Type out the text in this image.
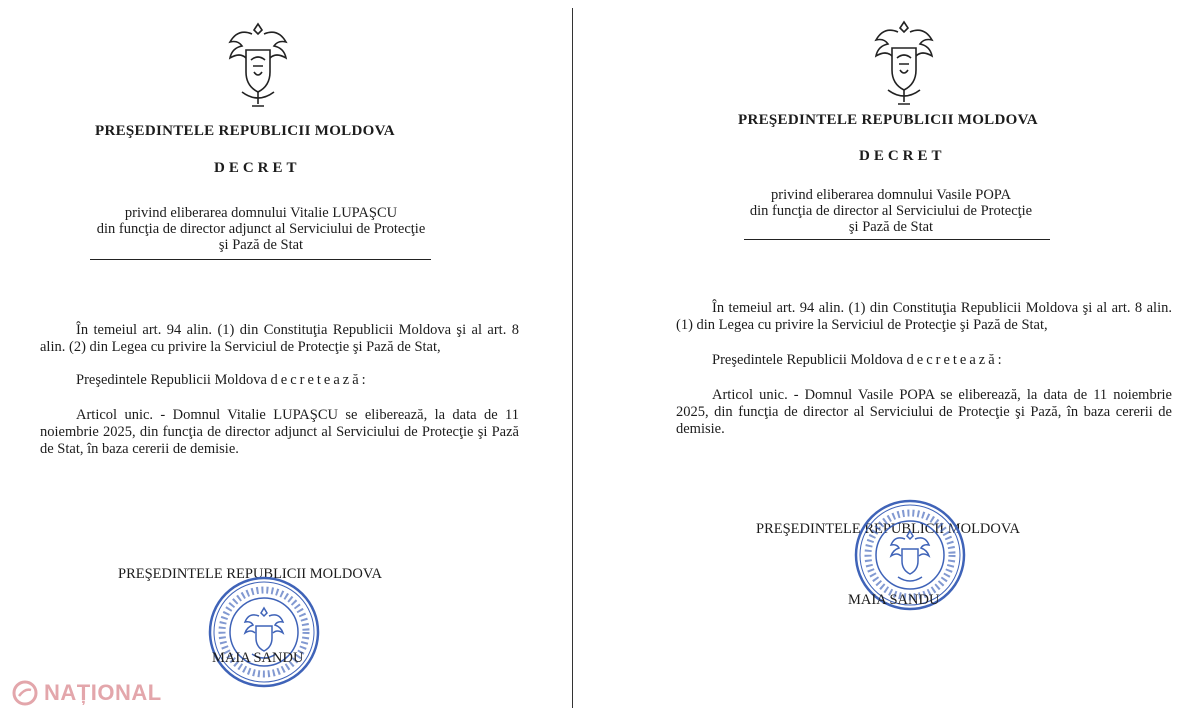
PREŞEDINTELE REPUBLICII MOLDOVA
DECRET
privind eliberarea domnului Vitalie LUPAŞCU
din funcţia de director adjunct al Serviciului de Protecţie
şi Pază de Stat
În temeiul art. 94 alin. (1) din Constituţia Republicii Moldova şi al art. 8 alin. (2) din Legea cu privire la Serviciul de Protecţie şi Pază de Stat,
Preşedintele Republicii Moldova decretează:
Articol unic. - Domnul Vitalie LUPAŞCU se eliberează, la data de 11 noiembrie 2025, din funcţia de director adjunct al Serviciului de Protecţie şi Pază de Stat, în baza cererii de demisie.
PREŞEDINTELE REPUBLICII MOLDOVA
MAIA SANDU
PREŞEDINTELE REPUBLICII MOLDOVA
DECRET
privind eliberarea domnului Vasile POPA
din funcţia de director al Serviciului de Protecţie
şi Pază de Stat
În temeiul art. 94 alin. (1) din Constituţia Republicii Moldova şi al art. 8 alin. (1) din Legea cu privire la Serviciul de Protecţie şi Pază de Stat,
Preşedintele Republicii Moldova decretează:
Articol unic. - Domnul Vasile POPA se eliberează, la data de 11 noiembrie 2025, din funcţia de director al Serviciului de Protecţie şi Pază, în baza cererii de demisie.
PREŞEDINTELE REPUBLICII MOLDOVA
MAIA SANDU
NAȚIONAL
